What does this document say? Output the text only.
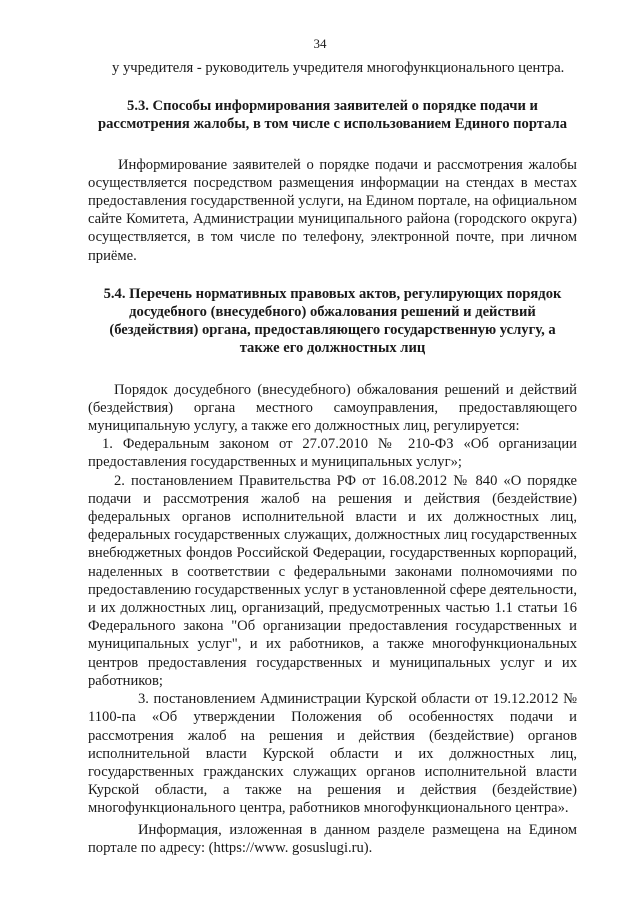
34

у учредителя - руководитель учредителя многофункционального центра.

5.3. Способы информирования заявителей о порядке подачи и рассмотрения жалобы, в том числе с использованием Единого портала

Информирование заявителей о порядке подачи и рассмотрения жалобы осуществляется посредством размещения информации на стендах в местах предоставления государственной услуги, на Едином портале, на официальном сайте Комитета, Администрации муниципального района (городского округа) осуществляется, в том числе по телефону, электронной почте, при личном приёме.

5.4. Перечень нормативных правовых актов, регулирующих порядок досудебного (внесудебного) обжалования решений и действий (бездействия) органа, предоставляющего государственную услугу, а также его должностных лиц

Порядок досудебного (внесудебного) обжалования решений и действий (бездействия) органа местного самоуправления, предоставляющего муниципальную услугу, а также его должностных лиц, регулируется:

1. Федеральным законом от 27.07.2010 № 210-ФЗ «Об организации предоставления государственных и муниципальных услуг»;

2. постановлением Правительства РФ от 16.08.2012 № 840 «О порядке подачи и рассмотрения жалоб на решения и действия (бездействие) федеральных органов исполнительной власти и их должностных лиц, федеральных государственных служащих, должностных лиц государственных внебюджетных фондов Российской Федерации, государственных корпораций, наделенных в соответствии с федеральными законами полномочиями по предоставлению государственных услуг в установленной сфере деятельности, и их должностных лиц, организаций, предусмотренных частью 1.1 статьи 16 Федерального закона "Об организации предоставления государственных и муниципальных услуг", и их работников, а также многофункциональных центров предоставления государственных и муниципальных услуг и их работников;

3. постановлением Администрации Курской области от 19.12.2012 № 1100-па «Об утверждении Положения об особенностях подачи и рассмотрения жалоб на решения и действия (бездействие) органов исполнительной власти Курской области и их должностных лиц, государственных гражданских служащих органов исполнительной власти Курской области, а также на решения и действия (бездействие) многофункционального центра, работников многофункционального центра».

Информация, изложенная в данном разделе размещена на Едином портале по адресу: (https://www. gosuslugi.ru).
